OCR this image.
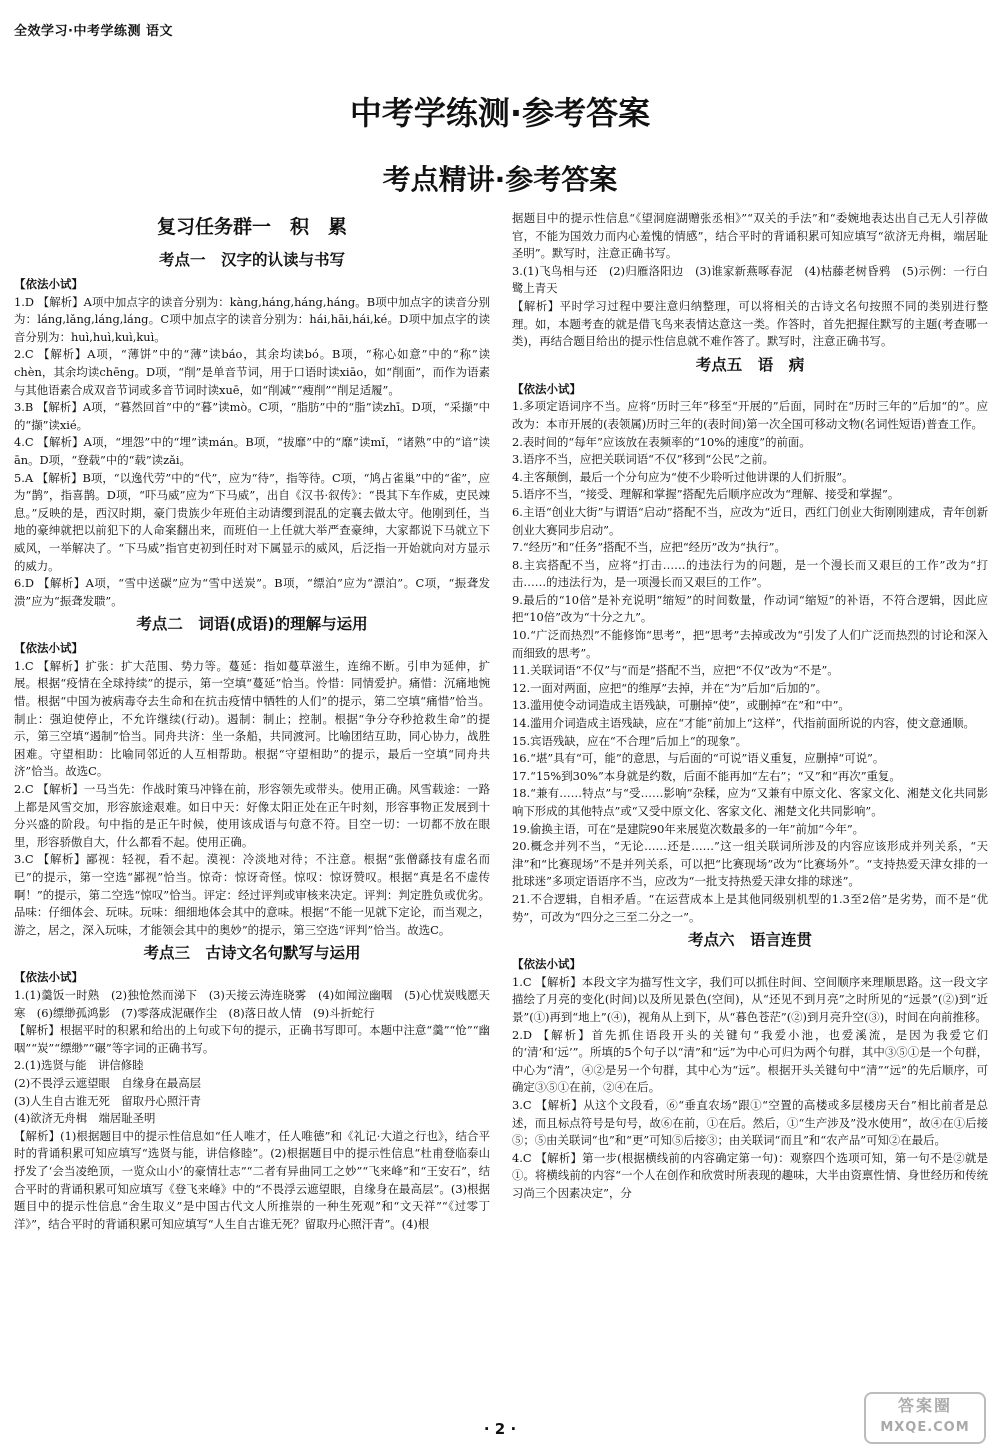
全效学习·中考学练测 语文
中考学练测·参考答案
考点精讲·参考答案
复习任务群一　积　累
考点一　汉字的认读与书写
【依法小试】
1.D 【解析】A项中加点字的读音分别为：kàng,háng,háng,háng。B项中加点字的读音分别为：láng,lǎng,láng,láng。C项中加点字的读音分别为：hái,hāi,hái,ké。D项中加点字的读音分别为：huì,huì,kuì,kuì。
2.C 【解析】A项，“薄饼”中的“薄”读báo，其余均读bó。B项，“称心如意”中的“称”读chèn，其余均读chēng。D项，“削”是单音节词，用于口语时读xiāo，如“削面”，而作为语素与其他语素合成双音节词或多音节词时读xuē，如“削减”“瘦削”“削足适履”。
3.B 【解析】A项，“暮然回首”中的“暮”读mò。C项，“脂肪”中的“脂”读zhī。D项，“采撷”中的“撷”读xié。
4.C 【解析】A项，“埋怨”中的“埋”读mán。B项，“拔靡”中的“靡”读mǐ，“诸熟”中的“谙”读ān。D项，“登载”中的“载”读zǎi。
5.A 【解析】B项，“以逸代劳”中的“代”，应为“待”，指等待。C项，“鸠占雀巢”中的“雀”，应为“鹊”，指喜鹊。D项，“吓马威”应为“下马威”，出自《汉书·叙传》：“畏其下车作威，吏民竦息。”反映的是，西汉时期，豪门贵族少年班伯主动请缨到混乱的定襄去做太守。他刚到任，当地的豪绅就把以前犯下的人命案翻出来，而班伯一上任就大举严查豪绅，大家都说下马就立下威风，一举解决了。“下马威”指官吏初到任时对下属显示的威风，后泛指一开始就向对方显示的威力。
6.D 【解析】A项，“雪中送碳”应为“雪中送炭”。B项，“缥泊”应为“漂泊”。C项，“振聋发溃”应为“振聋发聩”。
考点二　词语(成语)的理解与运用
【依法小试】
1.C 【解析】扩张：扩大范围、势力等。蔓延：指如蔓草滋生，连绵不断。引申为延伸，扩展。根据“疫情在全球持续”的提示，第一空填“蔓延”恰当。怜惜：同情爱护。痛惜：沉痛地惋惜。根据“中国为被病毒夺去生命和在抗击疫情中牺牲的人们”的提示，第二空填“痛惜”恰当。制止：强迫使停止，不允许继续(行动)。遏制：制止；控制。根据“争分夺秒抢救生命”的提示，第三空填“遏制”恰当。同舟共济：坐一条船，共同渡河。比喻团结互助，同心协力，战胜困难。守望相助：比喻同邻近的人互相帮助。根据“守望相助”的提示，最后一空填“同舟共济”恰当。故选C。
2.C 【解析】一马当先：作战时策马冲锋在前，形容领先或带头。使用正确。风雪载途：一路上都是风雪交加，形容旅途艰难。如日中天：好像太阳正处在正午时刻，形容事物正发展到十分兴盛的阶段。句中指的是正午时候，使用该成语与句意不符。目空一切：一切都不放在眼里，形容骄傲自大，什么都看不起。使用正确。
3.C 【解析】鄙视：轻视，看不起。漠视：冷淡地对待；不注意。根据“张僧繇技有虚名而已”的提示，第一空选“鄙视”恰当。惊奇：惊讶奇怪。惊叹：惊讶赞叹。根据“真是名不虚传啊！”的提示，第二空选“惊叹”恰当。评定：经过评判或审核来决定。评判：判定胜负或优劣。品味：仔细体会、玩味。玩味：细细地体会其中的意味。根据“不能一见就下定论，而当观之，游之，居之，深入玩味，才能领会其中的奥妙”的提示，第三空选“评判”恰当。故选C。
考点三　古诗文名句默写与运用
【依法小试】
1.(1)羹饭一时熟　(2)独怆然而涕下　(3)天接云涛连晓雾　(4)如闻泣幽咽　(5)心忧炭贱愿天寒　(6)缥缈孤鸿影　(7)零落成泥碾作尘　(8)落日故人情　(9)斗折蛇行
【解析】根据平时的积累和给出的上句或下句的提示，正确书写即可。本题中注意“羹”“怆”“幽咽”“炭”“缥缈”“碾”等字词的正确书写。
2.(1)选贤与能　讲信修睦
(2)不畏浮云遮望眼　自缘身在最高层
(3)人生自古谁无死　留取丹心照汗青
(4)欲济无舟楫　端居耻圣明
【解析】(1)根据题目中的提示性信息如“任人唯才，任人唯德”和《礼记·大道之行也》，结合平时的背诵积累可知应填写“选贤与能，讲信修睦”。(2)根据题目中的提示性信息“杜甫登临泰山抒发了‘会当凌绝顶，一览众山小’的豪情壮志”“二者有异曲同工之妙”“飞来峰”和“王安石”，结合平时的背诵积累可知应填写《登飞来峰》中的“不畏浮云遮望眼，自缘身在最高层”。(3)根据题目中的提示性信息“舍生取义”是中国古代文人所推崇的一种生死观”和“文天祥”“《过零丁洋》”，结合平时的背诵积累可知应填写“人生自古谁无死？留取丹心照汗青”。(4)根
据题目中的提示性信息“《望洞庭湖赠张丞相》”“双关的手法”和“委婉地表达出自己无人引荐做官，不能为国效力而内心羞愧的情感”，结合平时的背诵积累可知应填写“欲济无舟楫，端居耻圣明”。默写时，注意正确书写。
3.(1)飞鸟相与还　(2)归雁洛阳边　(3)谁家新燕啄春泥　(4)枯藤老树昏鸦　(5)示例：一行白鹭上青天
【解析】平时学习过程中要注意归纳整理，可以将相关的古诗文名句按照不同的类别进行整理。如，本题考查的就是借飞鸟来表情达意这一类。作答时，首先把握住默写的主题(考查哪一类)，再结合题目给出的提示性信息就不难作答了。默写时，注意正确书写。
考点五　语　病
【依法小试】
1.多项定语词序不当。应将“历时三年”移至“开展的”后面，同时在“历时三年的”后加“的”。应改为：本市开展的(表领属)历时三年的(表时间)第一次全国可移动文物(名词性短语)普查工作。
2.表时间的“每年”应该放在表频率的“10%的速度”的前面。
3.语序不当，应把关联词语“不仅”移到“公民”之前。
4.主客颠倒，最后一个分句应为“使不少聆听过他讲课的人们折服”。
5.语序不当，“接受、理解和掌握”搭配先后顺序应改为“理解、接受和掌握”。
6.主语“创业大街”与谓语“启动”搭配不当，应改为“近日，西红门创业大街刚刚建成，青年创新创业大赛同步启动”。
7.“经历”和“任务”搭配不当，应把“经历”改为“执行”。
8.主宾搭配不当，应将“打击……的违法行为的问题，是一个漫长而又艰巨的工作”改为“打击……的违法行为，是一项漫长而又艰巨的工作”。
9.最后的“10倍”是补充说明“缩短”的时间数量，作动词“缩短”的补语，不符合逻辑，因此应把“10倍”改为“十分之九”。
10.“广泛而热烈”不能修饰“思考”，把“思考”去掉或改为“引发了人们广泛而热烈的讨论和深入而细致的思考”。
11.关联词语“不仅”与“而是”搭配不当，应把“不仅”改为“不是”。
12.一面对两面，应把“的维厚”去掉，并在“为”后加“后加的”。
13.滥用使令动词造成主语残缺，可删掉“使”，或删掉“在”和“中”。
14.滥用介词造成主语残缺，应在“才能”前加上“这样”，代指前面所说的内容，使文意通顺。
15.宾语残缺，应在“不合理”后加上“的现象”。
16.“堪”具有“可，能”的意思，与后面的“可说”语义重复，应删掉“可说”。
17.“15%到30%”本身就是约数，后面不能再加“左右”；“又”和“再次”重复。
18.“兼有……特点”与“受……影响”杂糅，应为“又兼有中原文化、客家文化、湘楚文化共同影响下形成的其他特点”或“又受中原文化、客家文化、湘楚文化共同影响”。
19.偷换主语，可在“是建院90年来展览次数最多的一年”前加“今年”。
20.概念并列不当，“无论……还是……”这一组关联词所涉及的内容应该形成并列关系，“天津”和“比赛现场”不是并列关系，可以把“比赛现场”改为“比赛场外”。“支持热爱天津女排的一批球迷”多项定语语序不当，应改为“一批支持热爱天津女排的球迷”。
21.不合逻辑，自相矛盾。“在运营成本上是其他同级别机型的1.3至2倍”是劣势，而不是“优势”，可改为“四分之三至二分之一”。
考点六　语言连贯
【依法小试】
1.C 【解析】本段文字为描写性文字，我们可以抓住时间、空间顺序来理顺思路。这一段文字描绘了月亮的变化(时间)以及所见景色(空间)，从“还见不到月亮”之时所见的“远景”(②)到“近景”(①)再到“地上”(④)，视角从上到下，从“暮色苍茫”(②)到月亮升空(③)，时间在向前推移。
2.D 【解析】首先抓住语段开头的关键句“我爱小池，也爱溪流，是因为我爱它们的‘清’和‘远’”。所填的5个句子以“清”和“远”为中心可归为两个句群，其中③⑤①是一个句群，中心为“清”，④②是另一个句群，其中心为“远”。根据开头关键句中“清”“远”的先后顺序，可确定③⑤①在前，②④在后。
3.C 【解析】从这个文段看，⑥“垂直农场”跟①“空置的高楼或多层楼房天台”相比前者是总述，而且标点符号是句号，故⑥在前，①在后。然后，①“生产涉及”没水使用”，故④在①后接⑤；⑤由关联词“也”和“更”可知⑤后接③；由关联词“而且”和“农产品”可知②在最后。
4.C 【解析】第一步(根据横线前的内容确定第一句)：观察四个选项可知，第一句不是②就是①。将横线前的内容“一个人在创作和欣赏时所表现的趣味，大半由资禀性情、身世经历和传统习尚三个因素决定”，分
· 2 ·
答案圈
MXQE.COM
